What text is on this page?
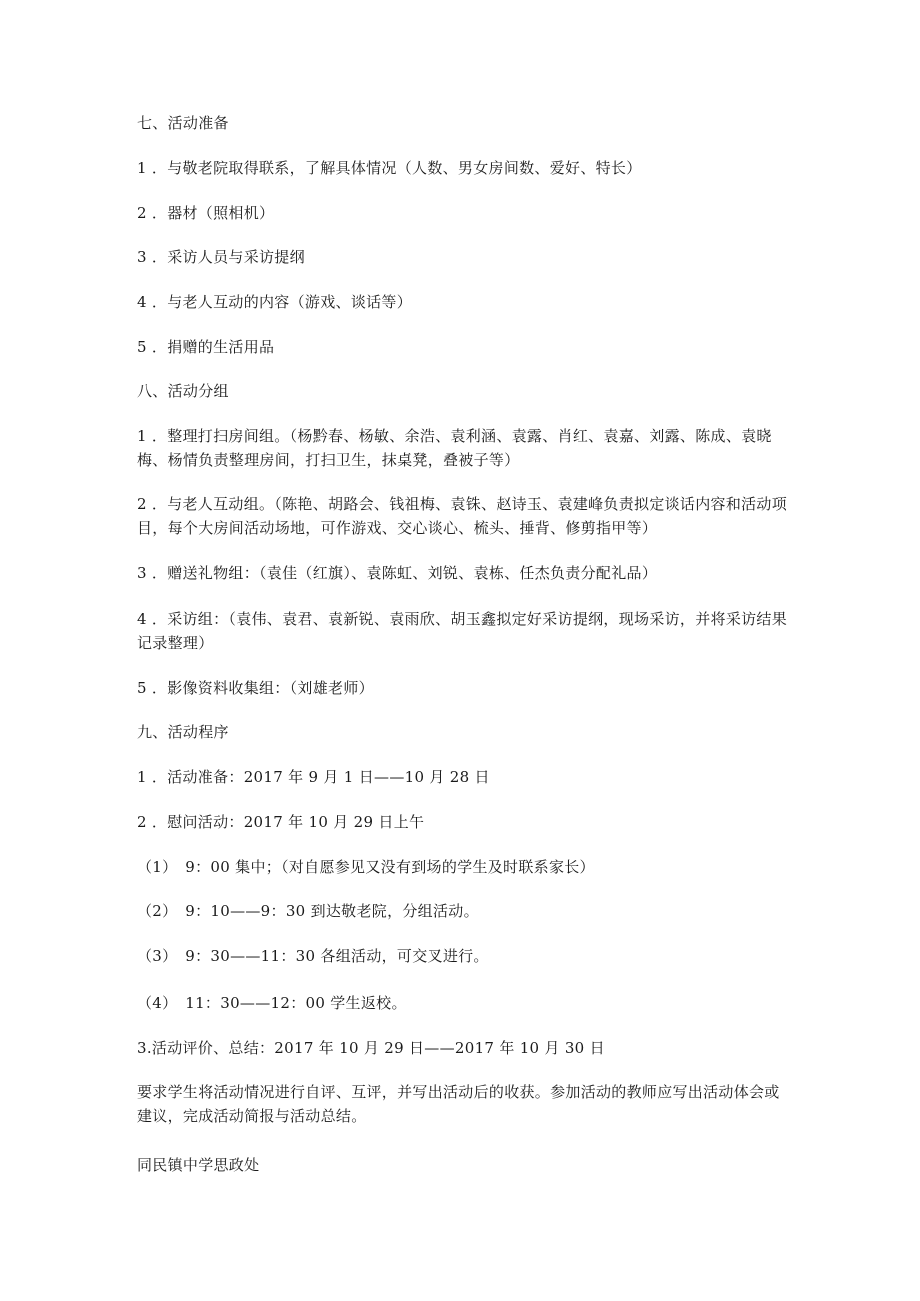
七、活动准备
1 ．与敬老院取得联系，了解具体情况（人数、男女房间数、爱好、特长）
2 ．器材（照相机）
3 ．采访人员与采访提纲
4 ．与老人互动的内容（游戏、谈话等）
5 ．捐赠的生活用品
八、活动分组
1 ．整理打扫房间组。（杨黔春、杨敏、余浩、袁利涵、袁露、肖红、袁嘉、刘露、陈成、袁晓梅、杨情负责整理房间，打扫卫生，抹桌凳，叠被子等）
2 ．与老人互动组。（陈艳、胡路会、钱祖梅、袁铢、赵诗玉、袁建峰负责拟定谈话内容和活动项目，每个大房间活动场地，可作游戏、交心谈心、梳头、捶背、修剪指甲等）
3 ．赠送礼物组：（袁佳（红旗）、袁陈虹、刘锐、袁栋、任杰负责分配礼品）
4 ．采访组：（袁伟、袁君、袁新锐、袁雨欣、胡玉鑫拟定好采访提纲，现场采访，并将采访结果记录整理）
5 ．影像资料收集组：（刘雄老师）
九、活动程序
1 ．活动准备：2017 年 9 月 1 日——10 月 28 日
2 ．慰问活动：2017 年 10 月 29 日上午
（1）　9：00 集中；（对自愿参见又没有到场的学生及时联系家长）
（2）　9：10——9：30 到达敬老院，分组活动。
（3）　9：30——11：30 各组活动，可交叉进行。
（4）　11：30——12：00 学生返校。
3.活动评价、总结：2017 年 10 月 29 日——2017 年 10 月 30 日
要求学生将活动情况进行自评、互评，并写出活动后的收获。参加活动的教师应写出活动体会或建议，完成活动简报与活动总结。
同民镇中学思政处
